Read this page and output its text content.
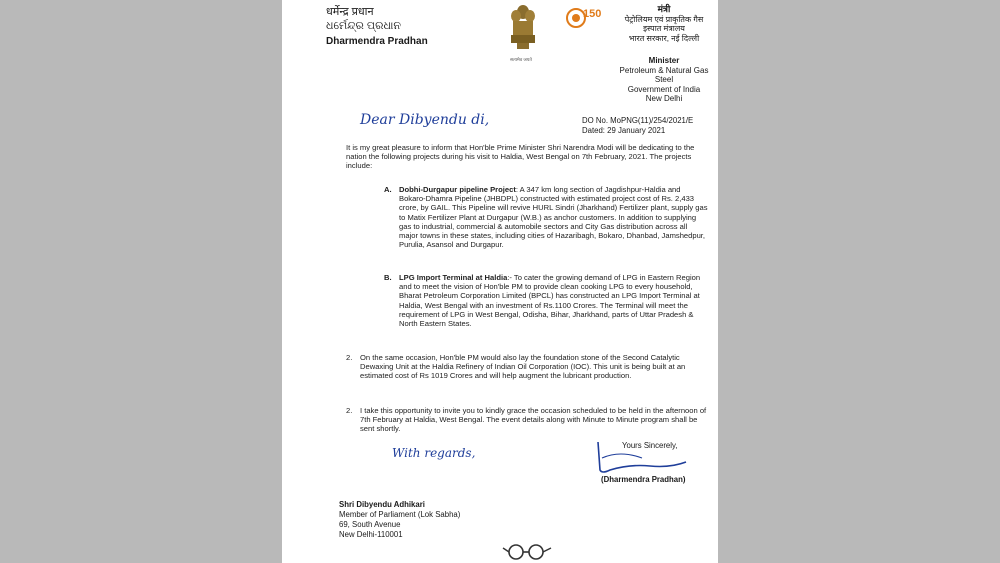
धर्मेन्द्र प्रधान
ଧର୍ମେନ୍ଦ୍ର ପ୍ରଧାନ
Dharmendra Pradhan
सत्यमेव जयते
150	मंत्री
पेट्रोलियम एवं प्राकृतिक गैस
इस्पात मंत्रालय
भारत सरकार, नई दिल्ली
Minister
Petroleum & Natural Gas
Steel
Government of India
New Delhi
Dear Dibyendu di,	DO No. MoPNG(11)/254/2021/E
Dated: 29 January 2021
It is my great pleasure to inform that Hon'ble Prime Minister Shri Narendra Modi will be dedicating to the nation the following projects during his visit to Haldia, West Bengal on 7th February, 2021. The projects include:
A. Dobhi-Durgapur pipeline Project: A 347 km long section of Jagdishpur-Haldia and Bokaro-Dhamra Pipeline (JHBDPL) constructed with estimated project cost of Rs. 2,433 crore, by GAIL. This Pipeline will revive HURL Sindri (Jharkhand) Fertilizer plant, supply gas to Matix Fertilizer Plant at Durgapur (W.B.) as anchor customers. In addition to supplying gas to industrial, commercial & automobile sectors and City Gas distribution across all major towns in these states, including cities of Hazaribagh, Bokaro, Dhanbad, Jamshedpur, Purulia, Asansol and Durgapur.
B. LPG Import Terminal at Haldia:- To cater the growing demand of LPG in Eastern Region and to meet the vision of Hon'ble PM to provide clean cooking LPG to every household, Bharat Petroleum Corporation Limited (BPCL) has constructed an LPG Import Terminal at Haldia, West Bengal with an investment of Rs.1100 Crores. The Terminal will meet the requirement of LPG in West Bengal, Odisha, Bihar, Jharkhand, parts of Uttar Pradesh & North Eastern States.
2. On the same occasion, Hon'ble PM would also lay the foundation stone of the Second Catalytic Dewaxing Unit at the Haldia Refinery of Indian Oil Corporation (IOC). This unit is being built at an estimated cost of Rs 1019 Crores and will help augment the lubricant production.
2. I take this opportunity to invite you to kindly grace the occasion scheduled to be held in the afternoon of 7th February at Haldia, West Bengal. The event details along with Minute to Minute program shall be sent shortly.
Yours Sincerely,
With regards,
(Dharmendra Pradhan)
Shri Dibyendu Adhikari
Member of Parliament (Lok Sabha)
69, South Avenue
New Delhi-110001
